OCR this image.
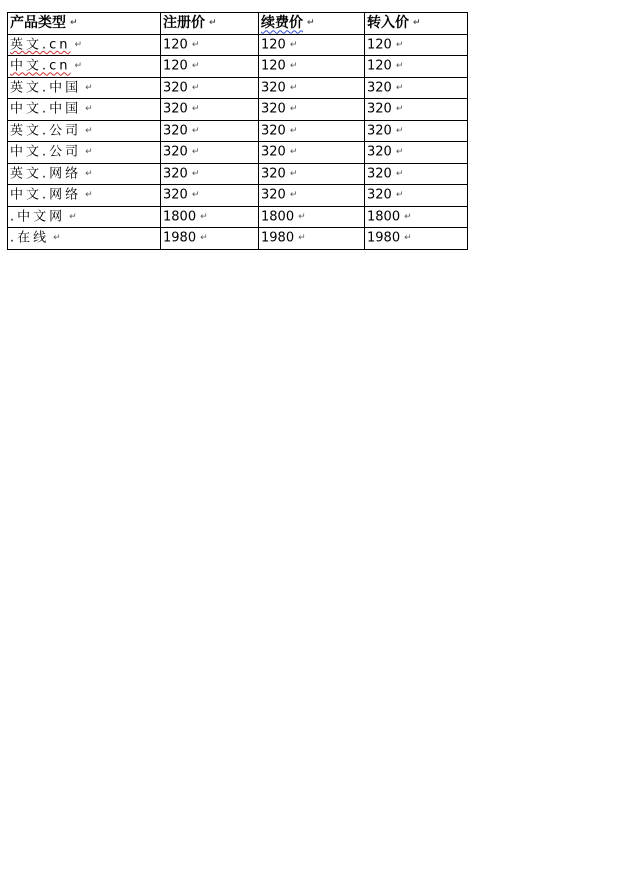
产品类型 ↵	注册价 ↵	续费价 ↵	转入价 ↵
英文.cn ↵	120 ↵	120 ↵	120 ↵
中文.cn ↵	120 ↵	120 ↵	120 ↵
英文.中国 ↵	320 ↵	320 ↵	320 ↵
中文.中国 ↵	320 ↵	320 ↵	320 ↵
英文.公司 ↵	320 ↵	320 ↵	320 ↵
中文.公司 ↵	320 ↵	320 ↵	320 ↵
英文.网络 ↵	320 ↵	320 ↵	320 ↵
中文.网络 ↵	320 ↵	320 ↵	320 ↵
.中文网 ↵	1800 ↵	1800 ↵	1800 ↵
.在线 ↵	1980 ↵	1980 ↵	1980 ↵
